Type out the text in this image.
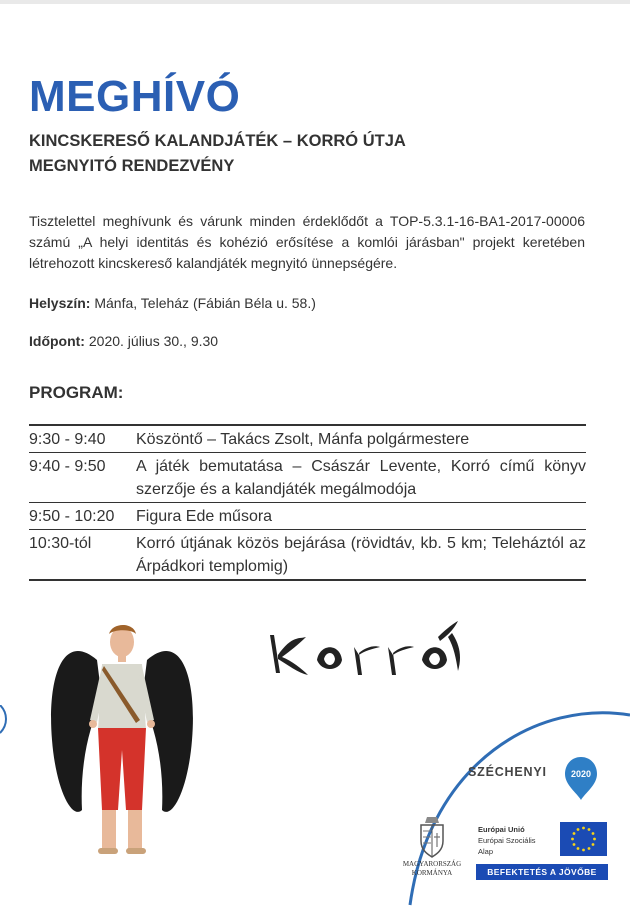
MEGHÍVÓ
KINCSKERESŐ KALANDJÁTÉK – KORRÓ ÚTJA
MEGNYITÓ RENDEZVÉNY

Tisztelettel meghívunk és várunk minden érdeklődőt a TOP-5.3.1-16-BA1-2017-00006 számú „A helyi identitás és kohézió erősítése a komlói járásban" projekt keretében létrehozott kincskereső kalandjáték megnyitó ünnepségére.

Helyszín: Mánfa, Teleház (Fábián Béla u. 58.)
Időpont: 2020. július 30., 9.30
PROGRAM:
9:30 - 9:40	Köszöntő – Takács Zsolt, Mánfa polgármestere
9:40 - 9:50	A játék bemutatása – Császár Levente, Korró című könyv szerzője és a kalandjáték megálmodója
9:50 - 10:20	Figura Ede műsora
10:30-tól	Korró útjának közös bejárása (rövidtáv, kb. 5 km; Teleháztól az Árpádkori templomig)
SZÉCHENYI	2020
MAGYARORSZÁG
KORMÁNYA
Európai Unió
Európai Szociális
Alap
BEFEKTETÉS A JÖVŐBE
